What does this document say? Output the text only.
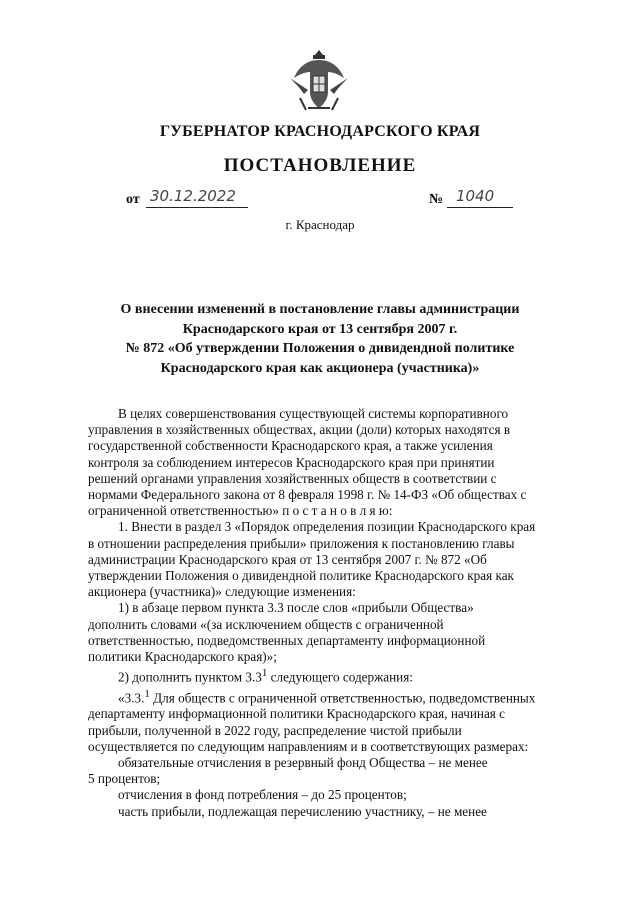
ГУБЕРНАТОР КРАСНОДАРСКОГО КРАЯ
ПОСТАНОВЛЕНИЕ
от 30.12.2022	№ 1040
г. Краснодар
О внесении изменений в постановление главы администрации
Краснодарского края от 13 сентября 2007 г.
№ 872 «Об утверждении Положения о дивидендной политике
Краснодарского края как акционера (участника)»
В целях совершенствования существующей системы корпоративного
управления в хозяйственных обществах, акции (доли) которых находятся в
государственной собственности Краснодарского края, а также усиления
контроля за соблюдением интересов Краснодарского края при принятии
решений органами управления хозяйственных обществ в соответствии с
нормами Федерального закона от 8 февраля 1998 г. № 14-ФЗ «Об обществах с
ограниченной ответственностью» п о с т а н о в л я ю:
1. Внести в раздел 3 «Порядок определения позиции Краснодарского края
в отношении распределения прибыли» приложения к постановлению главы
администрации Краснодарского края от 13 сентября 2007 г. № 872 «Об
утверждении Положения о дивидендной политике Краснодарского края как
акционера (участника)» следующие изменения:
1) в абзаце первом пункта 3.3 после слов «прибыли Общества»
дополнить словами «(за исключением обществ с ограниченной
ответственностью, подведомственных департаменту информационной
политики Краснодарского края)»;
2) дополнить пунктом $3.3^1$ следующего содержания:
«3.3.$^1$ Для обществ с ограниченной ответственностью, подведомственных
департаменту информационной политики Краснодарского края, начиная с
прибыли, полученной в 2022 году, распределение чистой прибыли
осуществляется по следующим направлениям и в соответствующих размерах:
обязательные отчисления в резервный фонд Общества – не менее
5 процентов;
отчисления в фонд потребления – до 25 процентов;
часть прибыли, подлежащая перечислению участнику, – не менее
